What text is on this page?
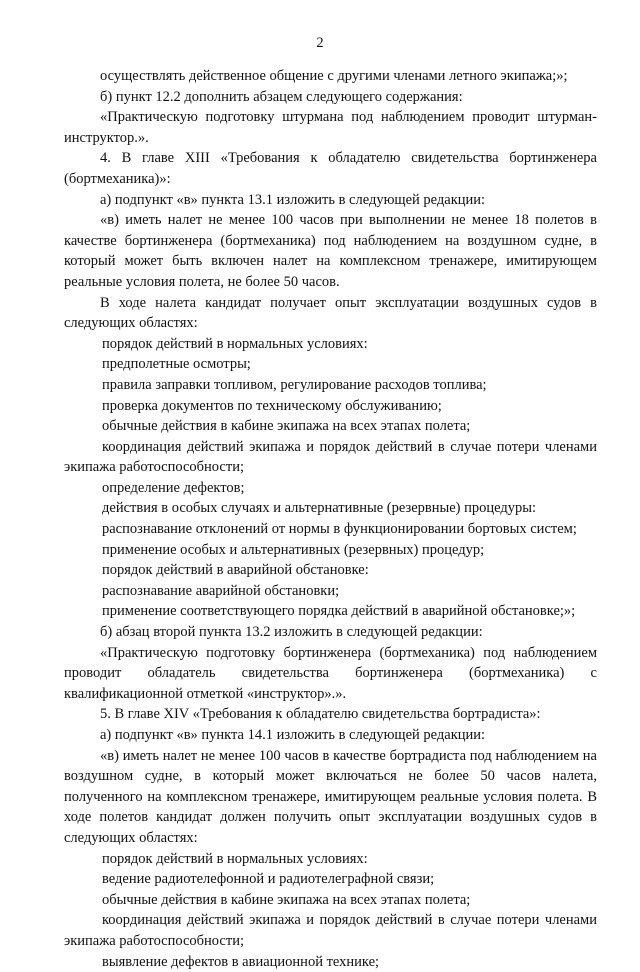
2

осуществлять действенное общение с другими членами летного экипажа;»;

б) пункт 12.2 дополнить абзацем следующего содержания:

«Практическую подготовку штурмана под наблюдением проводит штурман-инструктор.».

4. В главе XIII «Требования к обладателю свидетельства бортинженера (бортмеханика)»:

а) подпункт «в» пункта 13.1 изложить в следующей редакции:

«в) иметь налет не менее 100 часов при выполнении не менее 18 полетов в качестве бортинженера (бортмеханика) под наблюдением на воздушном судне, в который может быть включен налет на комплексном тренажере, имитирующем реальные условия полета, не более 50 часов.

В ходе налета кандидат получает опыт эксплуатации воздушных судов в следующих областях:

порядок действий в нормальных условиях:

предполетные осмотры;

правила заправки топливом, регулирование расходов топлива;

проверка документов по техническому обслуживанию;

обычные действия в кабине экипажа на всех этапах полета;

координация действий экипажа и порядок действий в случае потери членами экипажа работоспособности;

определение дефектов;

действия в особых случаях и альтернативные (резервные) процедуры:

распознавание отклонений от нормы в функционировании бортовых систем;

применение особых и альтернативных (резервных) процедур;

порядок действий в аварийной обстановке:

распознавание аварийной обстановки;

применение соответствующего порядка действий в аварийной обстановке;»;

б) абзац второй пункта 13.2 изложить в следующей редакции:

«Практическую подготовку бортинженера (бортмеханика) под наблюдением проводит обладатель свидетельства бортинженера (бортмеханика) с квалификационной отметкой «инструктор».».

5. В главе XIV «Требования к обладателю свидетельства бортрадиста»:

а) подпункт «в» пункта 14.1 изложить в следующей редакции:

«в) иметь налет не менее 100 часов в качестве бортрадиста под наблюдением на воздушном судне, в который может включаться не более 50 часов налета, полученного на комплексном тренажере, имитирующем реальные условия полета. В ходе полетов кандидат должен получить опыт эксплуатации воздушных судов в следующих областях:

порядок действий в нормальных условиях:

ведение радиотелефонной и радиотелеграфной связи;

обычные действия в кабине экипажа на всех этапах полета;

координация действий экипажа и порядок действий в случае потери членами экипажа работоспособности;

выявление дефектов в авиационной технике;
